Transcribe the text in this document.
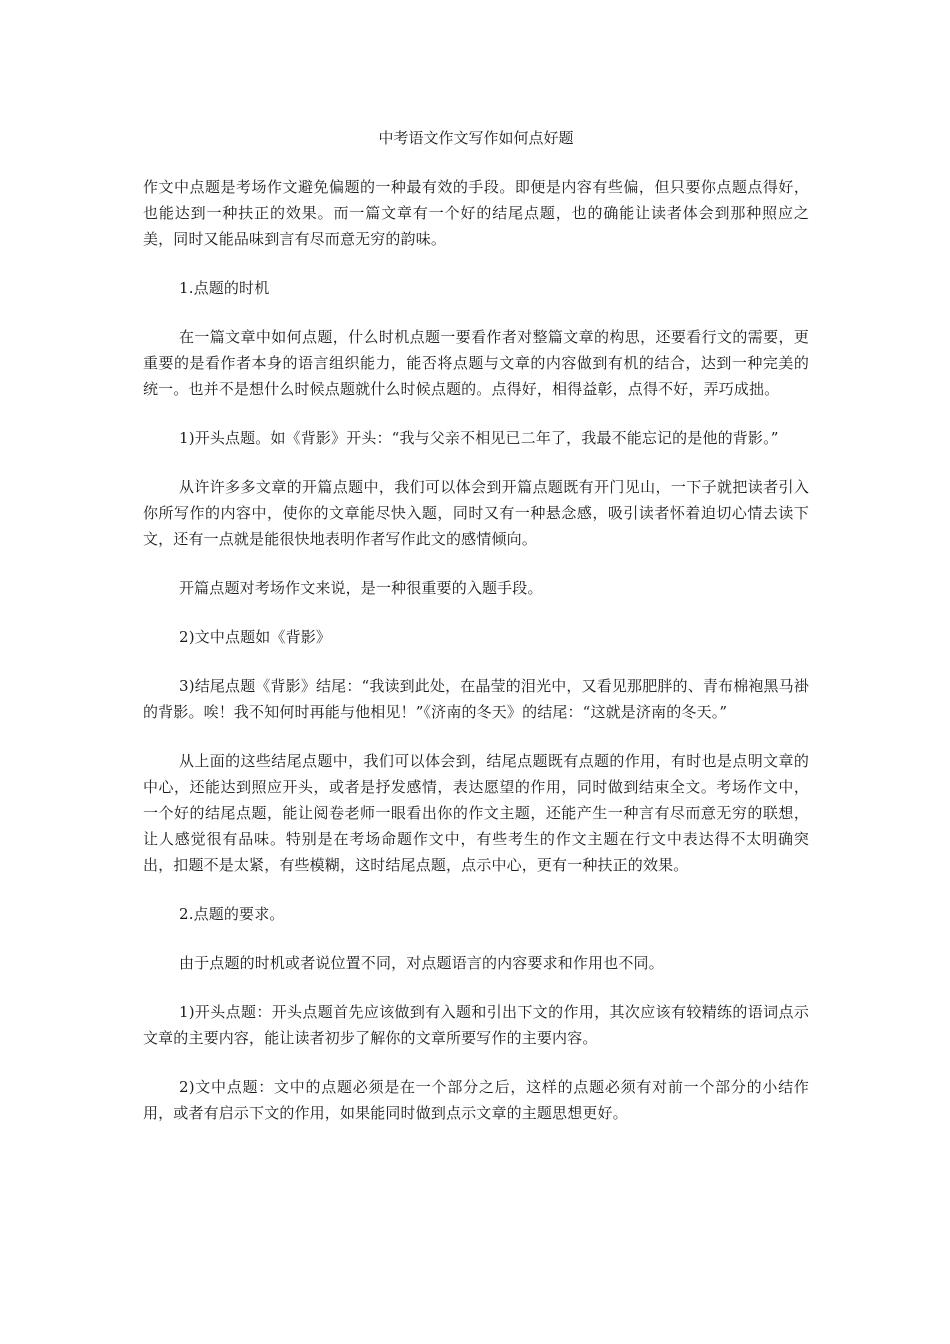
中考语文作文写作如何点好题

作文中点题是考场作文避免偏题的一种最有效的手段。即便是内容有些偏，但只要你点题点得好，也能达到一种扶正的效果。而一篇文章有一个好的结尾点题，也的确能让读者体会到那种照应之美，同时又能品味到言有尽而意无穷的韵味。

1.点题的时机

在一篇文章中如何点题，什么时机点题一要看作者对整篇文章的构思，还要看行文的需要，更重要的是看作者本身的语言组织能力，能否将点题与文章的内容做到有机的结合，达到一种完美的统一。也并不是想什么时候点题就什么时候点题的。点得好，相得益彰，点得不好，弄巧成拙。

1)开头点题。如《背影》开头：“我与父亲不相见已二年了，我最不能忘记的是他的背影。”

从许许多多文章的开篇点题中，我们可以体会到开篇点题既有开门见山，一下子就把读者引入你所写作的内容中，使你的文章能尽快入题，同时又有一种悬念感，吸引读者怀着迫切心情去读下文，还有一点就是能很快地表明作者写作此文的感情倾向。

开篇点题对考场作文来说，是一种很重要的入题手段。

2)文中点题如《背影》

3)结尾点题《背影》结尾：“我读到此处，在晶莹的泪光中，又看见那肥胖的、青布棉袍黑马褂的背影。唉！我不知何时再能与他相见！”《济南的冬天》的结尾：“这就是济南的冬天。”

从上面的这些结尾点题中，我们可以体会到，结尾点题既有点题的作用，有时也是点明文章的中心，还能达到照应开头，或者是抒发感情，表达愿望的作用，同时做到结束全文。考场作文中，一个好的结尾点题，能让阅卷老师一眼看出你的作文主题，还能产生一种言有尽而意无穷的联想，让人感觉很有品味。特别是在考场命题作文中，有些考生的作文主题在行文中表达得不太明确突出，扣题不是太紧，有些模糊，这时结尾点题，点示中心，更有一种扶正的效果。

2.点题的要求。

由于点题的时机或者说位置不同，对点题语言的内容要求和作用也不同。

1)开头点题：开头点题首先应该做到有入题和引出下文的作用，其次应该有较精练的语词点示文章的主要内容，能让读者初步了解你的文章所要写作的主要内容。

2)文中点题：文中的点题必须是在一个部分之后，这样的点题必须有对前一个部分的小结作用，或者有启示下文的作用，如果能同时做到点示文章的主题思想更好。
